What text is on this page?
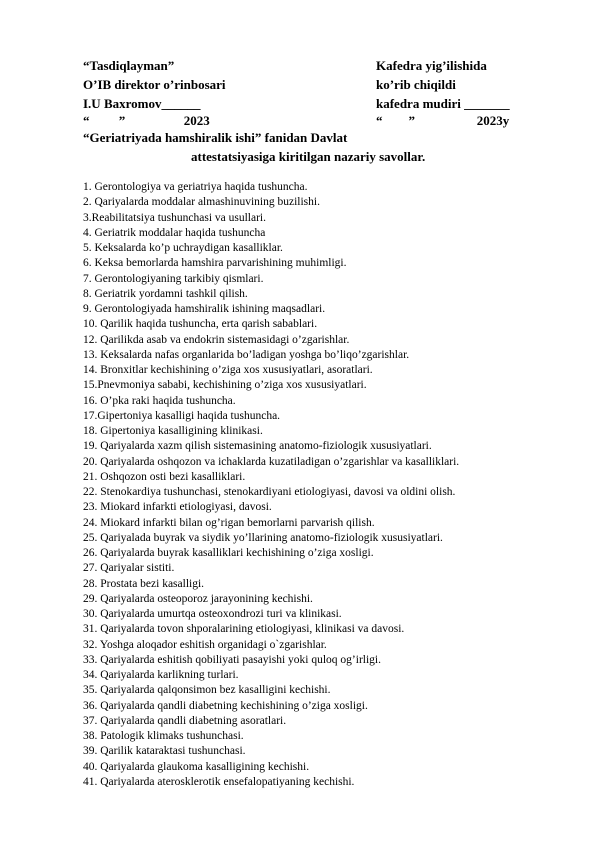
“Tasdiqlayman”
O’IB direktor o’rinbosari
I.U Baxromov______
“         ”                  2023
Kafedra yig’ilishida
ko’rib chiqildi
kafedra mudiri _______
“        ”                   2023y
“Geriatriyada hamshiralik ishi” fanidan Davlat
attestatsiyasiga kiritilgan nazariy savollar.
1. Gerontologiya va geriatriya haqida tushuncha.
2. Qariyalarda moddalar almashinuvining buzilishi.
3.Reabilitatsiya tushunchasi va usullari.
4. Geriatrik moddalar haqida tushuncha
5. Keksalarda ko’p uchraydigan kasalliklar.
6. Keksa bemorlarda hamshira parvarishining muhimligi.
7. Gerontologiyaning tarkibiy qismlari.
8. Geriatrik yordamni tashkil qilish.
9. Gerontologiyada hamshiralik ishining maqsadlari.
10. Qarilik haqida tushuncha, erta qarish sabablari.
12. Qarilikda asab va endokrin sistemasidagi o’zgarishlar.
13. Keksalarda nafas organlarida bo’ladigan yoshga bo’liqo’zgarishlar.
14. Bronxitlar kechishining o’ziga xos xususiyatlari, asoratlari.
15.Pnevmoniya sababi, kechishining o’ziga xos xususiyatlari.
16. O’pka raki haqida tushuncha.
17.Gipertoniya kasalligi haqida tushuncha.
18. Gipertoniya kasalligining klinikasi.
19. Qariyalarda xazm qilish sistemasining anatomo-fiziologik xususiyatlari.
20. Qariyalarda oshqozon va ichaklarda kuzatiladigan o’zgarishlar va kasalliklari.
21. Oshqozon osti bezi kasalliklari.
22. Stenokardiya tushunchasi, stenokardiyani etiologiyasi, davosi va oldini olish.
23. Miokard infarkti etiologiyasi, davosi.
24. Miokard infarkti bilan og’rigan bemorlarni parvarish qilish.
25. Qariyalada buyrak va siydik yo’llarining anatomo-fiziologik xususiyatlari.
26. Qariyalarda buyrak kasalliklari kechishining o’ziga xosligi.
27. Qariyalar sistiti.
28. Prostata bezi kasalligi.
29. Qariyalarda osteoporoz jarayonining kechishi.
30. Qariyalarda umurtqa osteoxondrozi turi va klinikasi.
31. Qariyalarda tovon shporalarining etiologiyasi, klinikasi va davosi.
32. Yoshga aloqador eshitish organidagi o`zgarishlar.
33. Qariyalarda eshitish qobiliyati pasayishi yoki quloq og’irligi.
34. Qariyalarda karlikning turlari.
35. Qariyalarda qalqonsimon bez kasalligini kechishi.
36. Qariyalarda qandli diabetning kechishining o’ziga xosligi.
37. Qariyalarda qandli diabetning asoratlari.
38. Patologik klimaks tushunchasi.
39. Qarilik kataraktasi tushunchasi.
40. Qariyalarda glaukoma kasalligining kechishi.
41. Qariyalarda aterosklerotik ensefalopatiyaning kechishi.
